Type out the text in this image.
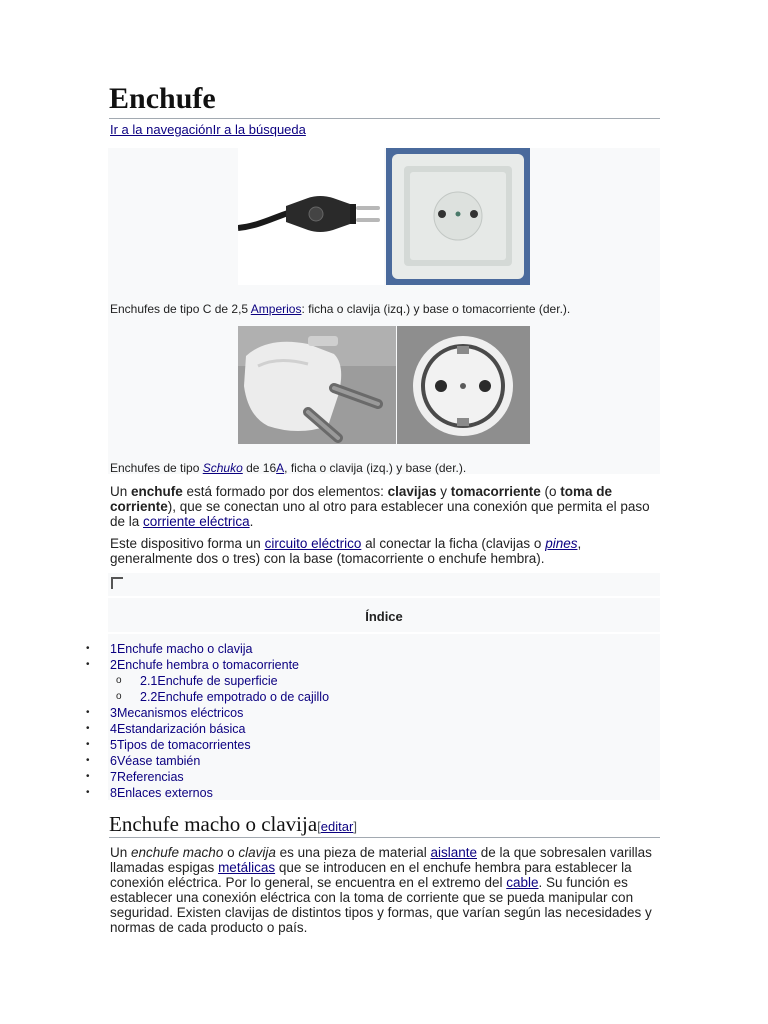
Enchufe
Ir a la navegaciónIr a la búsqueda
Enchufes de tipo C de 2,5 Amperios: ficha o clavija (izq.) y base o tomacorriente (der.).
Enchufes de tipo Schuko de 16A, ficha o clavija (izq.) y base (der.).
Un enchufe está formado por dos elementos: clavijas y tomacorriente (o toma de corriente), que se conectan uno al otro para establecer una conexión que permita el paso de la corriente eléctrica.
Este dispositivo forma un circuito eléctrico al conectar la ficha (clavijas o pines, generalmente dos o tres) con la base (tomacorriente o enchufe hembra).
Índice
• 1Enchufe macho o clavija
• 2Enchufe hembra o tomacorriente
o 2.1Enchufe de superficie
o 2.2Enchufe empotrado o de cajillo
• 3Mecanismos eléctricos
• 4Estandarización básica
• 5Tipos de tomacorrientes
• 6Véase también
• 7Referencias
• 8Enlaces externos
Enchufe macho o clavija[editar]
Un enchufe macho o clavija es una pieza de material aislante de la que sobresalen varillas llamadas espigas metálicas que se introducen en el enchufe hembra para establecer la conexión eléctrica. Por lo general, se encuentra en el extremo del cable. Su función es establecer una conexión eléctrica con la toma de corriente que se pueda manipular con seguridad. Existen clavijas de distintos tipos y formas, que varían según las necesidades y normas de cada producto o país.
